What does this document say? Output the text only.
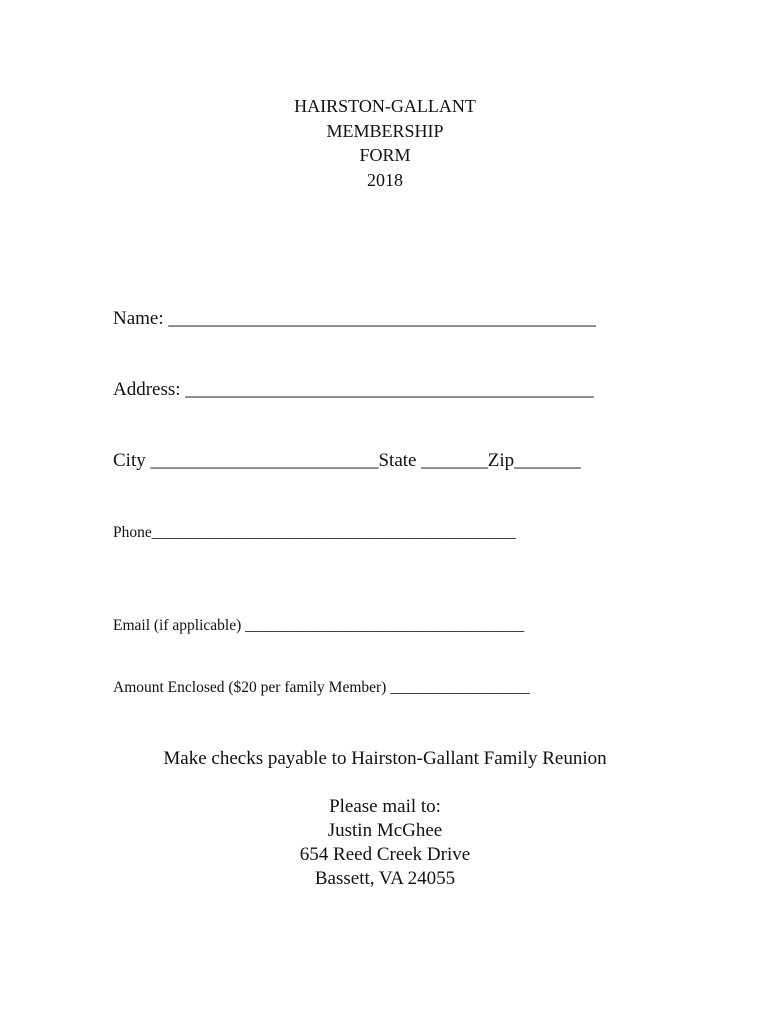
HAIRSTON-GALLANT
MEMBERSHIP
FORM
2018
Name: _____________________________________________
Address: ___________________________________________
City ________________________State _______Zip_______
Phone_______________________________________________
Email (if applicable) ____________________________________
Amount Enclosed ($20 per family Member) __________________
Make checks payable to Hairston-Gallant Family Reunion
Please mail to:
Justin McGhee
654 Reed Creek Drive
Bassett, VA 24055
